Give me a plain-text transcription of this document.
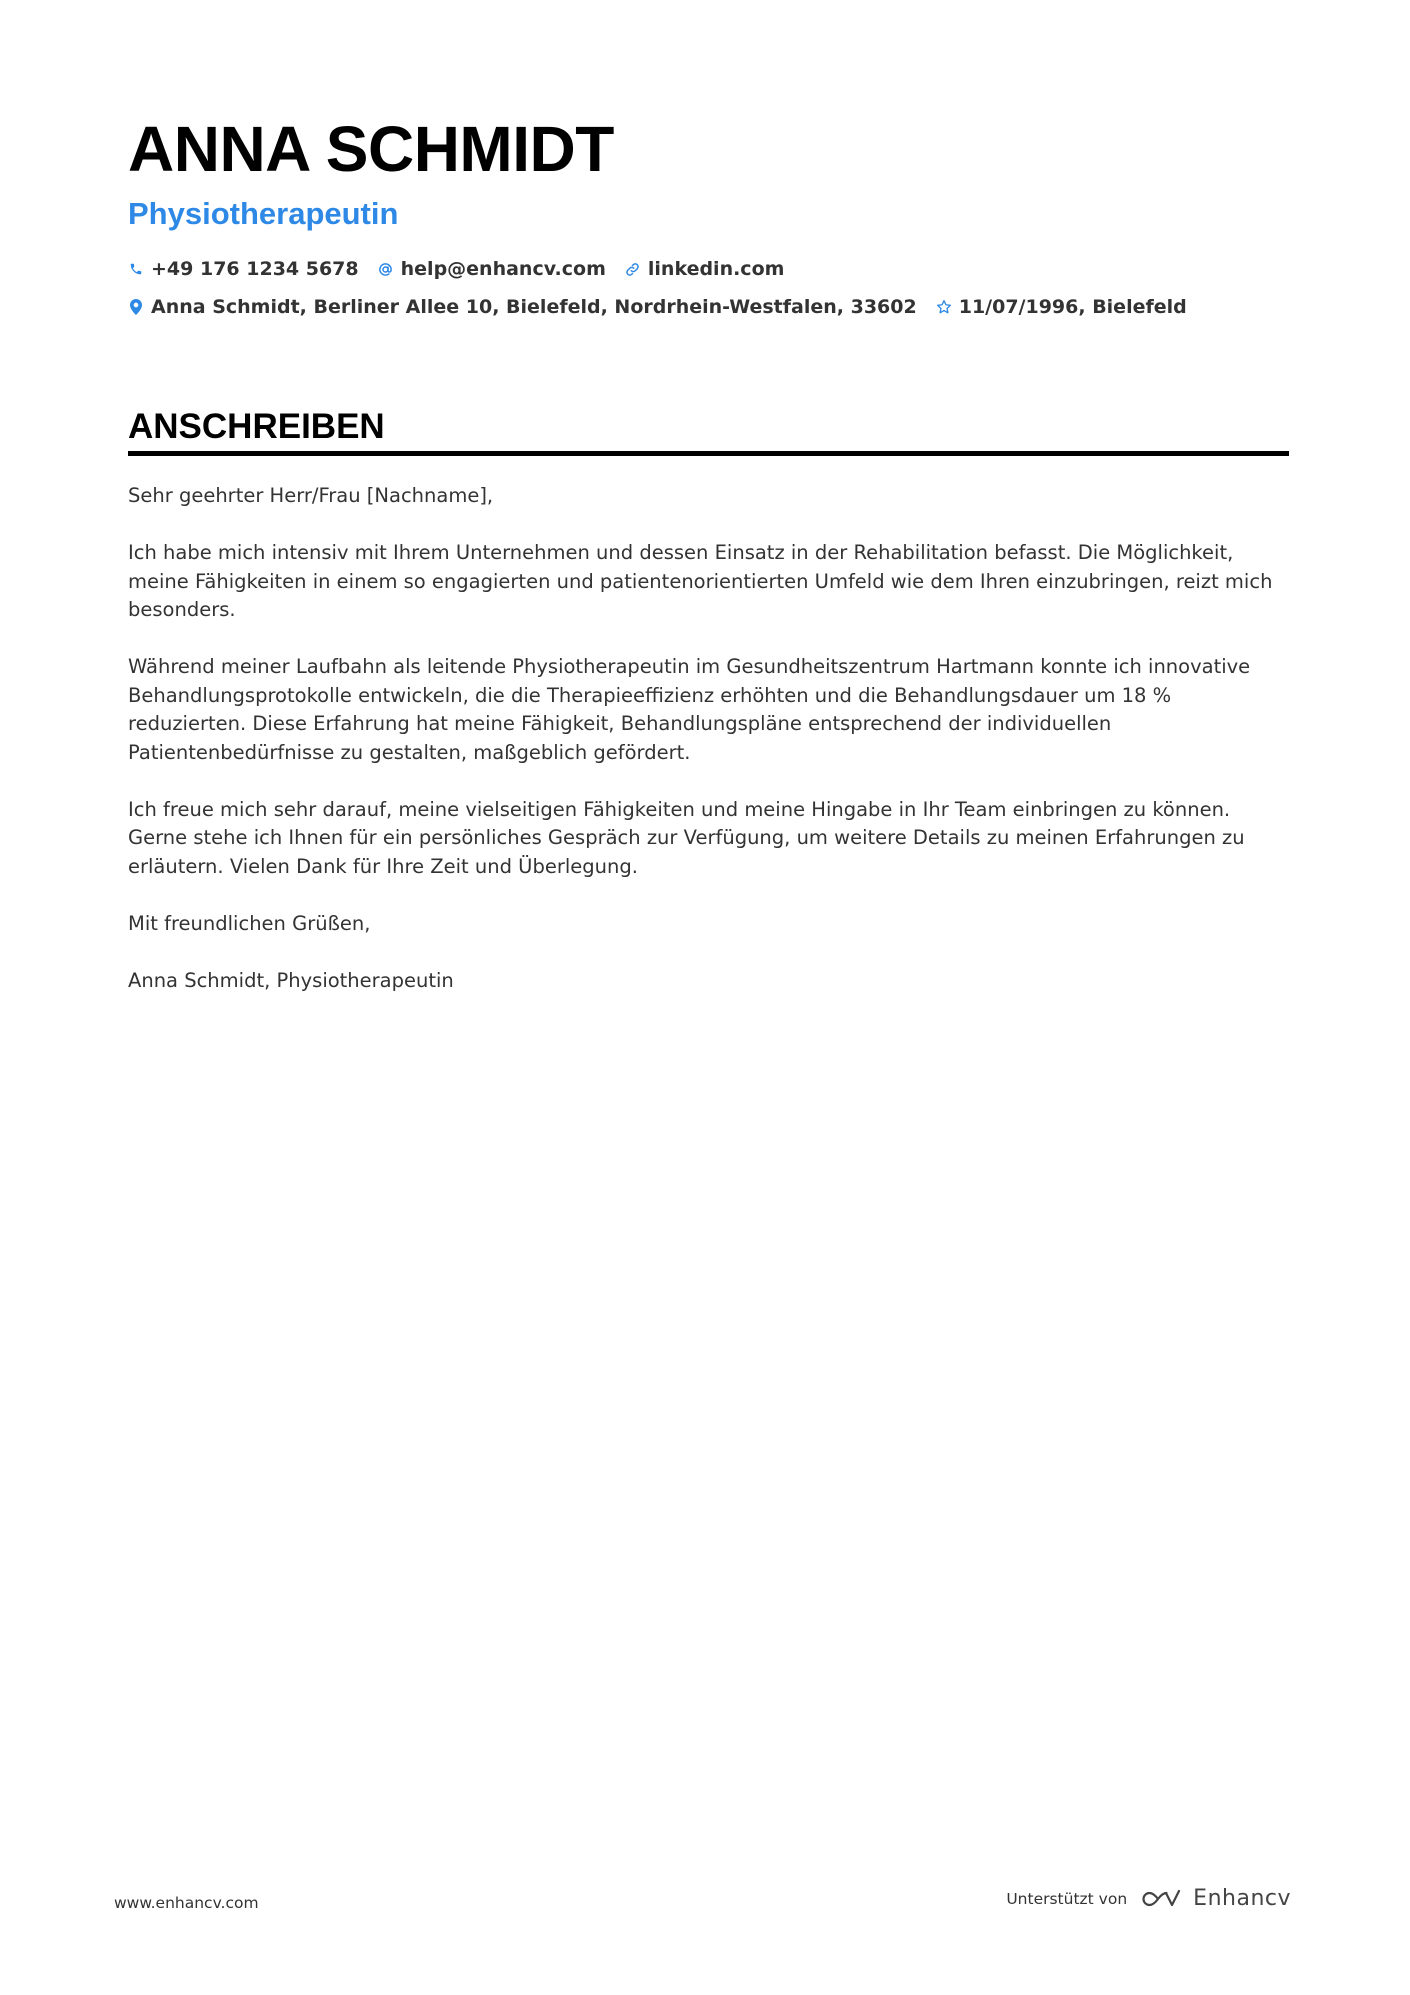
ANNA SCHMIDT
Physiotherapeutin
+49 176 1234 5678 help@enhancv.com linkedin.com
Anna Schmidt, Berliner Allee 10, Bielefeld, Nordrhein-Westfalen, 33602 11/07/1996, Bielefeld
ANSCHREIBEN

Sehr geehrter Herr/Frau [Nachname],

Ich habe mich intensiv mit Ihrem Unternehmen und dessen Einsatz in der Rehabilitation befasst. Die Möglichkeit, meine Fähigkeiten in einem so engagierten und patientenorientierten Umfeld wie dem Ihren einzubringen, reizt mich besonders.

Während meiner Laufbahn als leitende Physiotherapeutin im Gesundheitszentrum Hartmann konnte ich innovative Behandlungsprotokolle entwickeln, die die Therapieeffizienz erhöhten und die Behandlungsdauer um 18 % reduzierten. Diese Erfahrung hat meine Fähigkeit, Behandlungspläne entsprechend der individuellen Patientenbedürfnisse zu gestalten, maßgeblich gefördert.

Ich freue mich sehr darauf, meine vielseitigen Fähigkeiten und meine Hingabe in Ihr Team einbringen zu können. Gerne stehe ich Ihnen für ein persönliches Gespräch zur Verfügung, um weitere Details zu meinen Erfahrungen zu erläutern. Vielen Dank für Ihre Zeit und Überlegung.

Mit freundlichen Grüßen,

Anna Schmidt, Physiotherapeutin

www.enhancv.com	Unterstützt von	Enhancv
